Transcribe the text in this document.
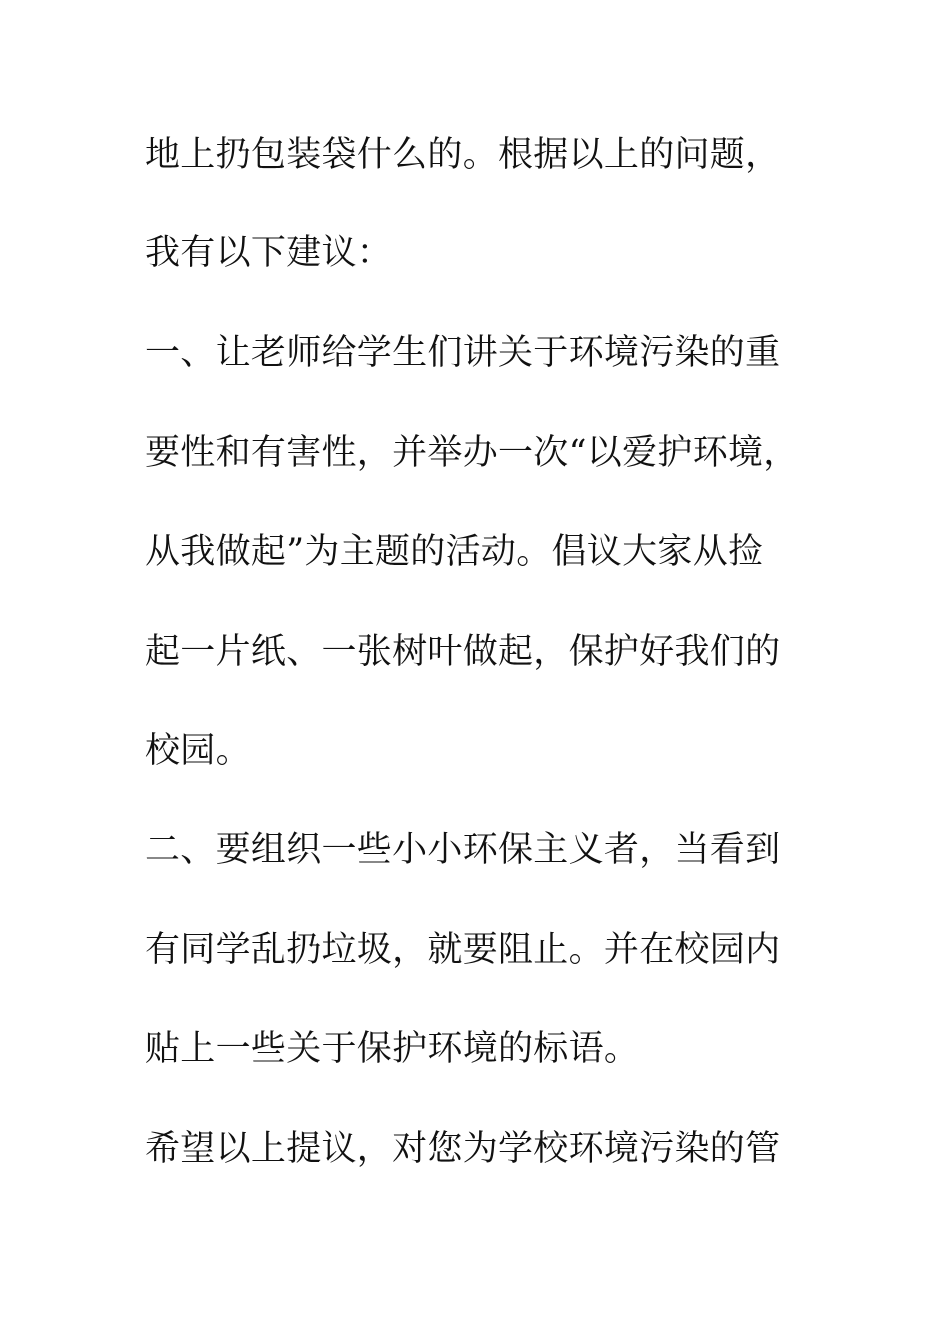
地上扔包装袋什么的。根据以上的问题，
我有以下建议：
一、让老师给学生们讲关于环境污染的重
要性和有害性，并举办一次“以爱护环境，
从我做起”为主题的活动。倡议大家从捡
起一片纸、一张树叶做起，保护好我们的
校园。
二、要组织一些小小环保主义者，当看到
有同学乱扔垃圾，就要阻止。并在校园内
贴上一些关于保护环境的标语。
希望以上提议，对您为学校环境污染的管
